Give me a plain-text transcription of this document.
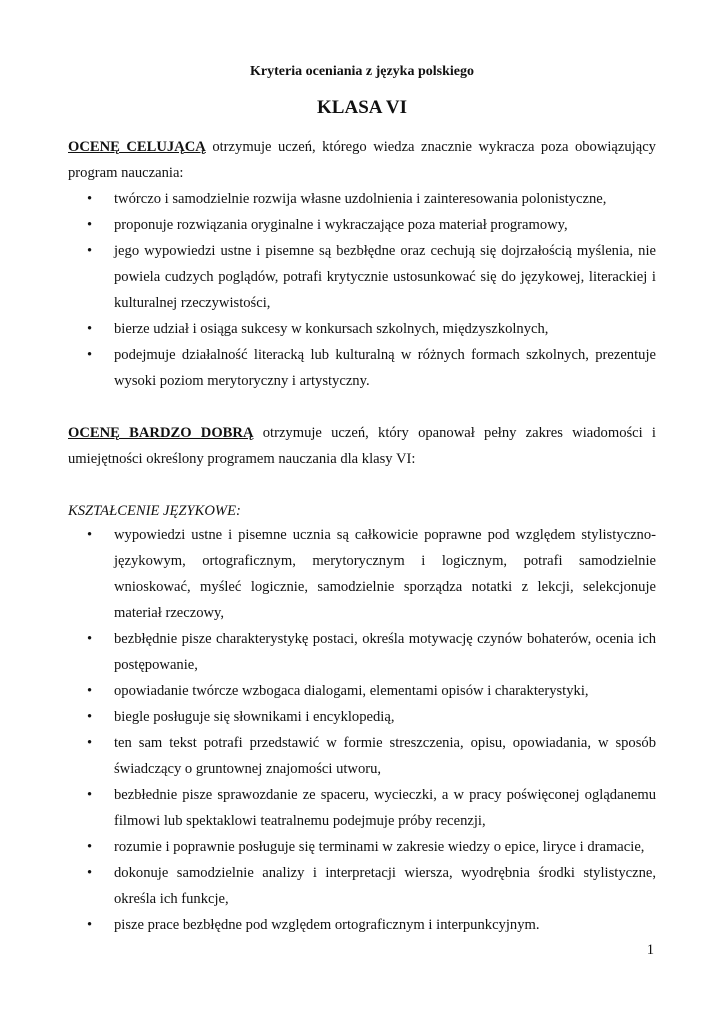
Kryteria oceniania z języka polskiego
KLASA VI

OCENĘ CELUJĄCĄ otrzymuje uczeń, którego wiedza znacznie wykracza poza obowiązujący program nauczania:

• twórczo i samodzielnie rozwija własne uzdolnienia i zainteresowania polonistyczne,
• proponuje rozwiązania oryginalne i wykraczające poza materiał programowy,
• jego wypowiedzi ustne i pisemne są bezbłędne oraz cechują się dojrzałością myślenia, nie powiela cudzych poglądów, potrafi krytycznie ustosunkować się do językowej, literackiej i kulturalnej rzeczywistości,
• bierze udział i osiąga sukcesy w konkursach szkolnych, międzyszkolnych,
• podejmuje działalność literacką lub kulturalną w różnych formach szkolnych, prezentuje wysoki poziom merytoryczny i artystyczny.

OCENĘ BARDZO DOBRĄ otrzymuje uczeń, który opanował pełny zakres wiadomości i umiejętności określony programem nauczania dla klasy VI:

KSZTAŁCENIE JĘZYKOWE:

• wypowiedzi ustne i pisemne ucznia są całkowicie poprawne pod względem stylistyczno-językowym, ortograficznym, merytorycznym i logicznym, potrafi samodzielnie wnioskować, myśleć logicznie, samodzielnie sporządza notatki z lekcji, selekcjonuje materiał rzeczowy,
• bezbłędnie pisze charakterystykę postaci, określa motywację czynów bohaterów, ocenia ich postępowanie,
• opowiadanie twórcze wzbogaca dialogami, elementami opisów i charakterystyki,
• biegle posługuje się słownikami i encyklopedią,
• ten sam tekst potrafi przedstawić w formie streszczenia, opisu, opowiadania, w sposób świadczący o gruntownej znajomości utworu,
• bezbłednie pisze sprawozdanie ze spaceru, wycieczki, a w pracy poświęconej oglądanemu filmowi lub spektaklowi teatralnemu podejmuje próby recenzji,
• rozumie i poprawnie posługuje się terminami w zakresie wiedzy o epice, liryce i dramacie,
• dokonuje samodzielnie analizy i interpretacji wiersza, wyodrębnia środki stylistyczne, określa ich funkcje,
• pisze prace bezbłędne pod względem ortograficznym i interpunkcyjnym.
1
